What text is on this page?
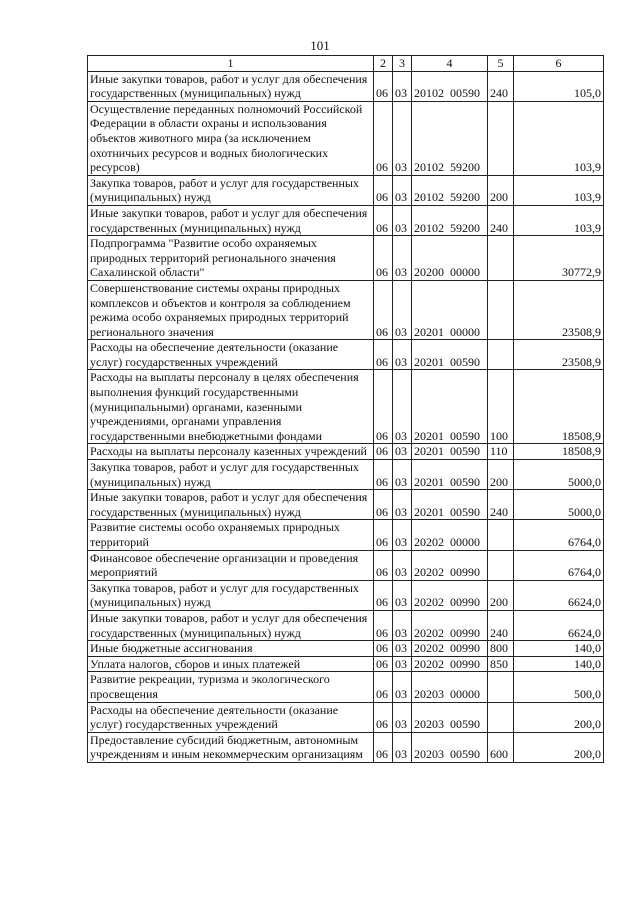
101
1	2	3	4	5	6
Иные закупки товаров, работ и услуг для обеспечения государственных (муниципальных) нужд	06	03	20102 00590	240	105,0
Осуществление переданных полномочий Российской Федерации в области охраны и использования объектов животного мира (за исключением охотничьих ресурсов и водных биологических ресурсов)	06	03	20102 59200		103,9
Закупка товаров, работ и услуг для государственных (муниципальных) нужд	06	03	20102 59200	200	103,9
Иные закупки товаров, работ и услуг для обеспечения государственных (муниципальных) нужд	06	03	20102 59200	240	103,9
Подпрограмма "Развитие особо охраняемых природных территорий регионального значения Сахалинской области"	06	03	20200 00000		30772,9
Совершенствование системы охраны природных комплексов и объектов и контроля за соблюдением режима особо охраняемых природных территорий регионального значения	06	03	20201 00000		23508,9
Расходы на обеспечение деятельности (оказание услуг) государственных учреждений	06	03	20201 00590		23508,9
Расходы на выплаты персоналу в целях обеспечения выполнения функций государственными (муниципальными) органами, казенными учреждениями, органами управления государственными внебюджетными фондами	06	03	20201 00590	100	18508,9
Расходы на выплаты персоналу казенных учреждений	06	03	20201 00590	110	18508,9
Закупка товаров, работ и услуг для государственных (муниципальных) нужд	06	03	20201 00590	200	5000,0
Иные закупки товаров, работ и услуг для обеспечения государственных (муниципальных) нужд	06	03	20201 00590	240	5000,0
Развитие системы особо охраняемых природных территорий	06	03	20202 00000		6764,0
Финансовое обеспечение организации и проведения мероприятий	06	03	20202 00990		6764,0
Закупка товаров, работ и услуг для государственных (муниципальных) нужд	06	03	20202 00990	200	6624,0
Иные закупки товаров, работ и услуг для обеспечения государственных (муниципальных) нужд	06	03	20202 00990	240	6624,0
Иные бюджетные ассигнования	06	03	20202 00990	800	140,0
Уплата налогов, сборов и иных платежей	06	03	20202 00990	850	140,0
Развитие рекреации, туризма и экологического просвещения	06	03	20203 00000		500,0
Расходы на обеспечение деятельности (оказание услуг) государственных учреждений	06	03	20203 00590		200,0
Предоставление субсидий бюджетным, автономным учреждениям и иным некоммерческим организациям	06	03	20203 00590	600	200,0
